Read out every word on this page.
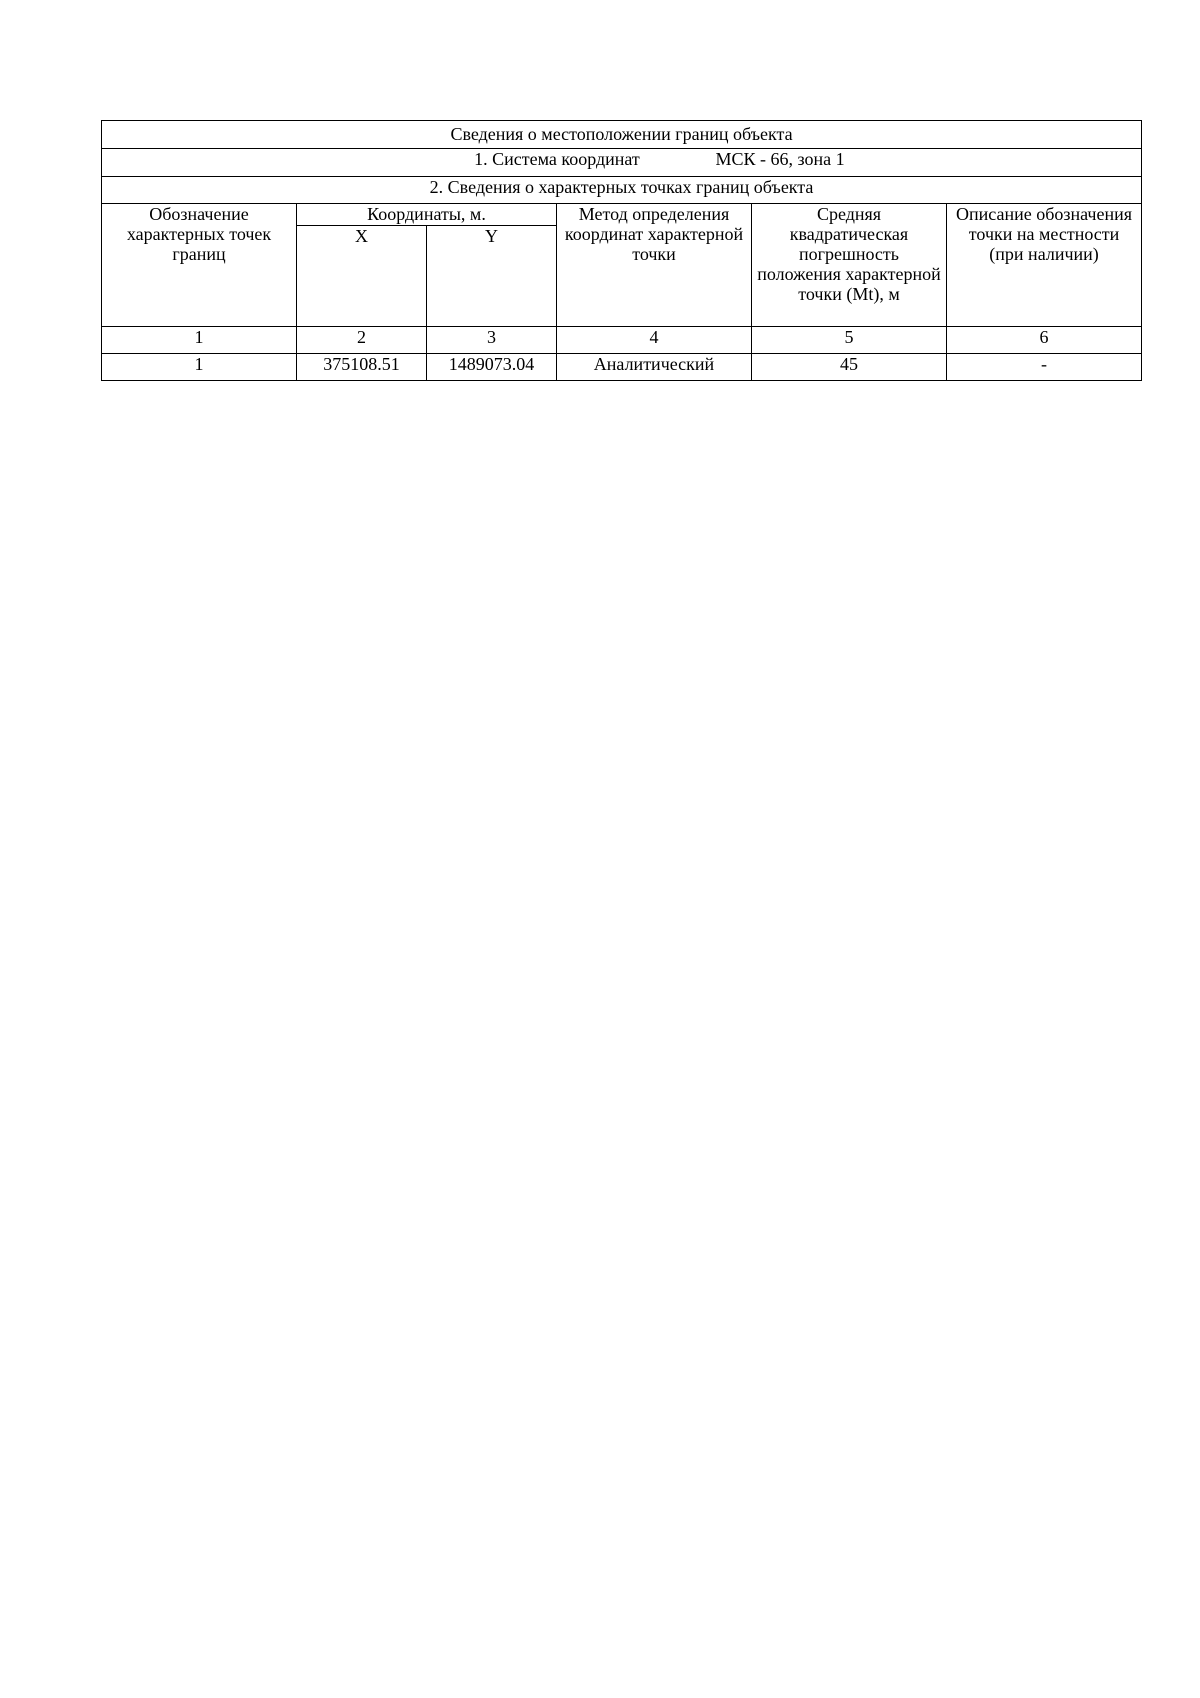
Сведения о местоположении границ объекта					
1. Система координат МСК - 66, зона 1					
2. Сведения о характерных точках границ объекта					
Обозначение характерных точек границ	Координаты, м.		Метод определения координат характерной точки	Средняя квадратическая погрешность положения характерной точки (Mt), м	Описание обозначения точки на местности (при наличии)
	X	Y			
1	2	3	4	5	6
1	375108.51	1489073.04	Аналитический	45	-
